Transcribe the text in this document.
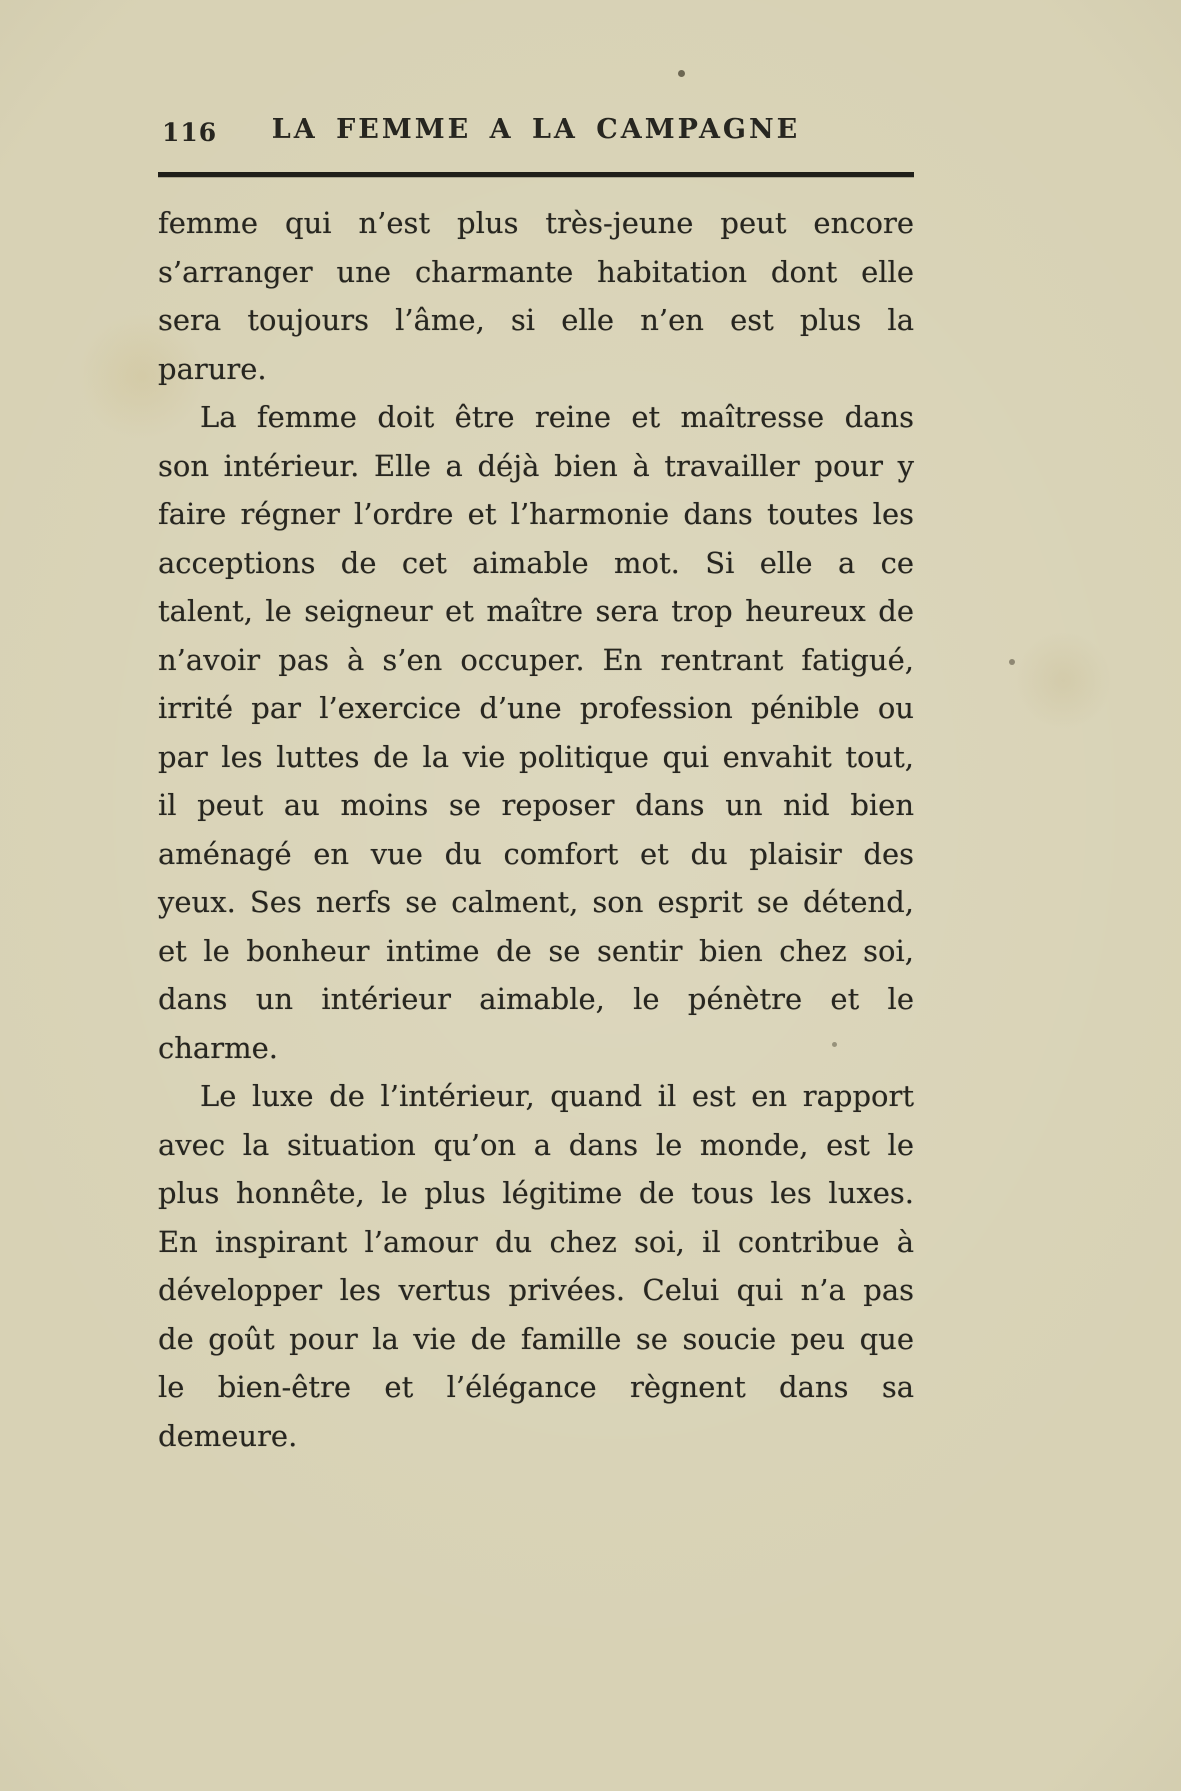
116	LA FEMME A LA CAMPAGNE

femme qui n’est plus très-jeune peut encore s’arranger une charmante habitation dont elle sera toujours l’âme, si elle n’en est plus la parure.

La femme doit être reine et maîtresse dans son intérieur. Elle a déjà bien à travailler pour y faire régner l’ordre et l’harmonie dans toutes les acceptions de cet aimable mot. Si elle a ce talent, le seigneur et maître sera trop heureux de n’avoir pas à s’en occuper. En rentrant fatigué, irrité par l’exercice d’une profession pénible ou par les luttes de la vie politique qui envahit tout, il peut au moins se reposer dans un nid bien aménagé en vue du comfort et du plaisir des yeux. Ses nerfs se calment, son esprit se détend, et le bonheur intime de se sentir bien chez soi, dans un intérieur aimable, le pénètre et le charme.

Le luxe de l’intérieur, quand il est en rapport avec la situation qu’on a dans le monde, est le plus honnête, le plus légitime de tous les luxes. En inspirant l’amour du chez soi, il contribue à développer les vertus privées. Celui qui n’a pas de goût pour la vie de famille se soucie peu que le bien-être et l’élégance règnent dans sa demeure.
